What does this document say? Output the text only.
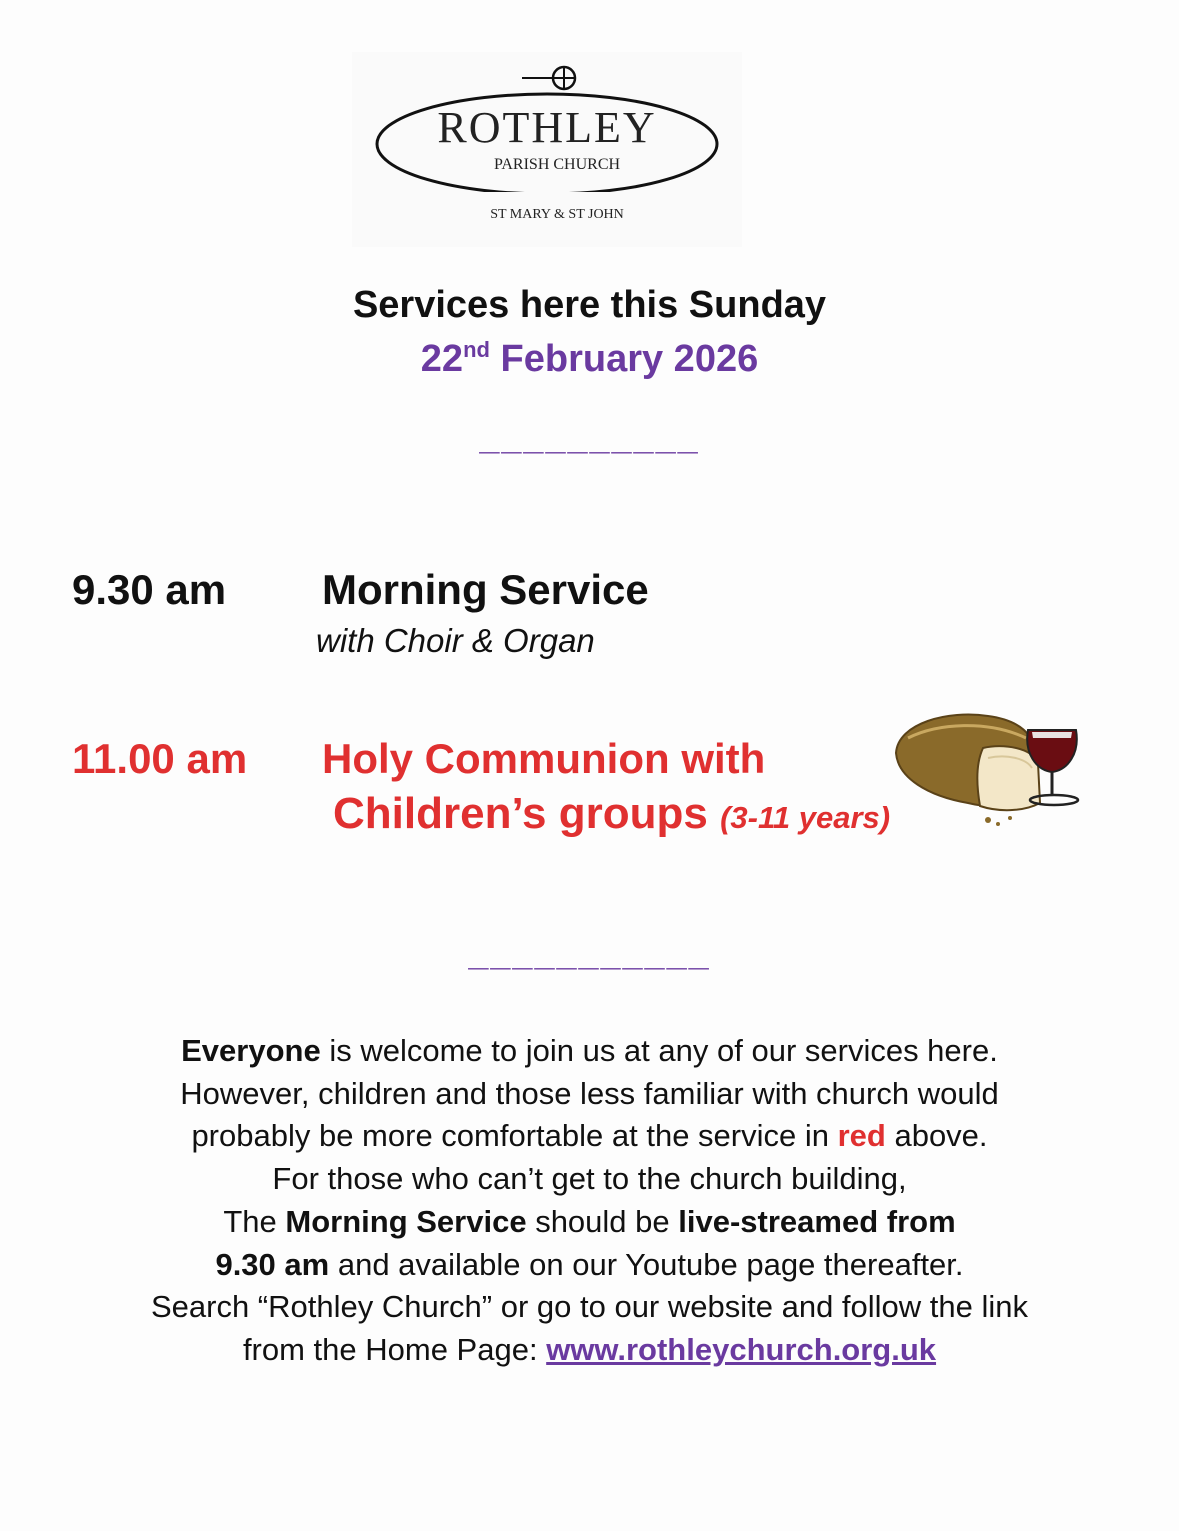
ROTHLEY
PARISH CHURCH
ST MARY & ST JOHN
Services here this Sunday
22nd February 2026
__________
9.30 am Morning Service
with Choir & Organ
11.00 am Holy Communion with
Children’s groups (3-11 years)
___________
Everyone is welcome to join us at any of our services here.
However, children and those less familiar with church would
probably be more comfortable at the service in red above.
For those who can’t get to the church building,
The Morning Service should be live-streamed from
9.30 am and available on our Youtube page thereafter.
Search “Rothley Church” or go to our website and follow the link
from the Home Page: www.rothleychurch.org.uk
